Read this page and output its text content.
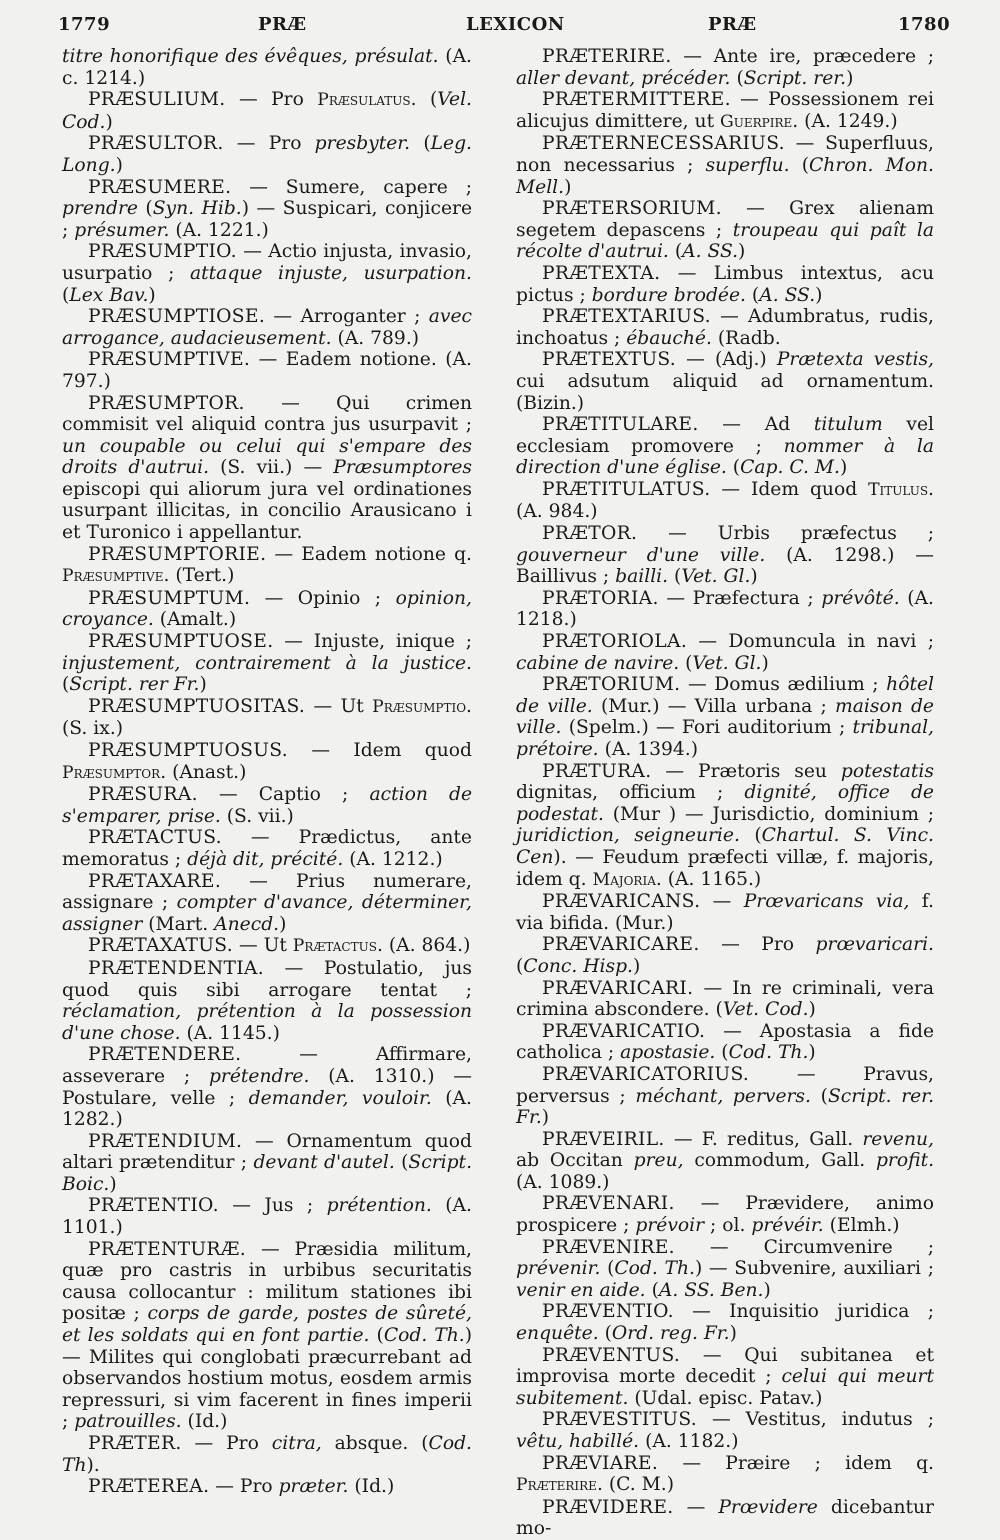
1779	PRÆ	LEXICON	PRÆ	1780

titre honorifique des évêques, présulat. (A. c. 1214.)

PRÆSULIUM. — Pro Præsulatus. (Vel. Cod.)

PRÆSULTOR. — Pro presbyter. (Leg. Long.)

PRÆSUMERE. — Sumere, capere ; prendre (Syn. Hib.) — Suspicari, conjicere ; présumer. (A. 1221.)

PRÆSUMPTIO. — Actio injusta, invasio, usurpatio ; attaque injuste, usurpation. (Lex Bav.)

PRÆSUMPTIOSE. — Arroganter ; avec arrogance, audacieusement. (A. 789.)

PRÆSUMPTIVE. — Eadem notione. (A. 797.)

PRÆSUMPTOR. — Qui crimen commisit vel aliquid contra jus usurpavit ; un coupable ou celui qui s'empare des droits d'autrui. (S. vii.) — Præsumptores episcopi qui aliorum jura vel ordinationes usurpant illicitas, in concilio Arausicano i et Turonico i appellantur.

PRÆSUMPTORIE. — Eadem notione q. Præsumptive. (Tert.)

PRÆSUMPTUM. — Opinio ; opinion, croyance. (Amalt.)

PRÆSUMPTUOSE. — Injuste, inique ; injustement, contrairement à la justice. (Script. rer Fr.)

PRÆSUMPTUOSITAS. — Ut Præsumptio. (S. ix.)

PRÆSUMPTUOSUS. — Idem quod Præsumptor. (Anast.)

PRÆSURA. — Captio ; action de s'emparer, prise. (S. vii.)

PRÆTACTUS. — Prædictus, ante memoratus ; déjà dit, précité. (A. 1212.)

PRÆTAXARE. — Prius numerare, assignare ; compter d'avance, déterminer, assigner (Mart. Anecd.)

PRÆTAXATUS. — Ut Prætactus. (A. 864.)

PRÆTENDENTIA. — Postulatio, jus quod quis sibi arrogare tentat ; réclamation, prétention à la possession d'une chose. (A. 1145.)

PRÆTENDERE. — Affirmare, asseverare ; prétendre. (A. 1310.) — Postulare, velle ; demander, vouloir. (A. 1282.)

PRÆTENDIUM. — Ornamentum quod altari prætenditur ; devant d'autel. (Script. Boic.)

PRÆTENTIO. — Jus ; prétention. (A. 1101.)

PRÆTENTURÆ. — Præsidia militum, quæ pro castris in urbibus securitatis causa collocantur : militum stationes ibi positæ ; corps de garde, postes de sûreté, et les soldats qui en font partie. (Cod. Th.) — Milites qui conglobati præcurrebant ad observandos hostium motus, eosdem armis repressuri, si vim facerent in fines imperii ; patrouilles. (Id.)

PRÆTER. — Pro citra, absque. (Cod. Th).

PRÆTEREA. — Pro præter. (Id.)

PRÆTERIRE. — Ante ire, præcedere ; aller devant, précéder. (Script. rer.)

PRÆTERMITTERE. — Possessionem rei alicujus dimittere, ut Guerpire. (A. 1249.)

PRÆTERNECESSARIUS. — Superfluus, non necessarius ; superflu. (Chron. Mon. Mell.)

PRÆTERSORIUM. — Grex alienam segetem depascens ; troupeau qui paît la récolte d'autrui. (A. SS.)

PRÆTEXTA. — Limbus intextus, acu pictus ; bordure brodée. (A. SS.)

PRÆTEXTARIUS. — Adumbratus, rudis, inchoatus ; ébauché. (Radb.

PRÆTEXTUS. — (Adj.) Prætexta vestis, cui adsutum aliquid ad ornamentum. (Bizin.)

PRÆTITULARE. — Ad titulum vel ecclesiam promovere ; nommer à la direction d'une église. (Cap. C. M.)

PRÆTITULATUS. — Idem quod Titulus. (A. 984.)

PRÆTOR. — Urbis præfectus ; gouverneur d'une ville. (A. 1298.) — Baillivus ; bailli. (Vet. Gl.)

PRÆTORIA. — Præfectura ; prévôté. (A. 1218.)

PRÆTORIOLA. — Domuncula in navi ; cabine de navire. (Vet. Gl.)

PRÆTORIUM. — Domus ædilium ; hôtel de ville. (Mur.) — Villa urbana ; maison de ville. (Spelm.) — Fori auditorium ; tribunal, prétoire. (A. 1394.)

PRÆTURA. — Prætoris seu potestatis dignitas, officium ; dignité, office de podestat. (Mur ) — Jurisdictio, dominium ; juridiction, seigneurie. (Chartul. S. Vinc. Cen). — Feudum præfecti villæ, f. majoris, idem q. Majoria. (A. 1165.)

PRÆVARICANS. — Prœvaricans via, f. via bifida. (Mur.)

PRÆVARICARE. — Pro prœvaricari. (Conc. Hisp.)

PRÆVARICARI. — In re criminali, vera crimina abscondere. (Vet. Cod.)

PRÆVARICATIO. — Apostasia a fide catholica ; apostasie. (Cod. Th.)

PRÆVARICATORIUS. — Pravus, perversus ; méchant, pervers. (Script. rer. Fr.)

PRÆVEIRIL. — F. reditus, Gall. revenu, ab Occitan preu, commodum, Gall. profit. (A. 1089.)

PRÆVENARI. — Prævidere, animo prospicere ; prévoir ; ol. prévéir. (Elmh.)

PRÆVENIRE. — Circumvenire ; prévenir. (Cod. Th.) — Subvenire, auxiliari ; venir en aide. (A. SS. Ben.)

PRÆVENTIO. — Inquisitio juridica ; enquête. (Ord. reg. Fr.)

PRÆVENTUS. — Qui subitanea et improvisa morte decedit ; celui qui meurt subitement. (Udal. episc. Patav.)

PRÆVESTITUS. — Vestitus, indutus ; vêtu, habillé. (A. 1182.)

PRÆVIARE. — Præire ; idem q. Præterire. (C. M.)

PRÆVIDERE. — Prœvidere dicebantur mo-
